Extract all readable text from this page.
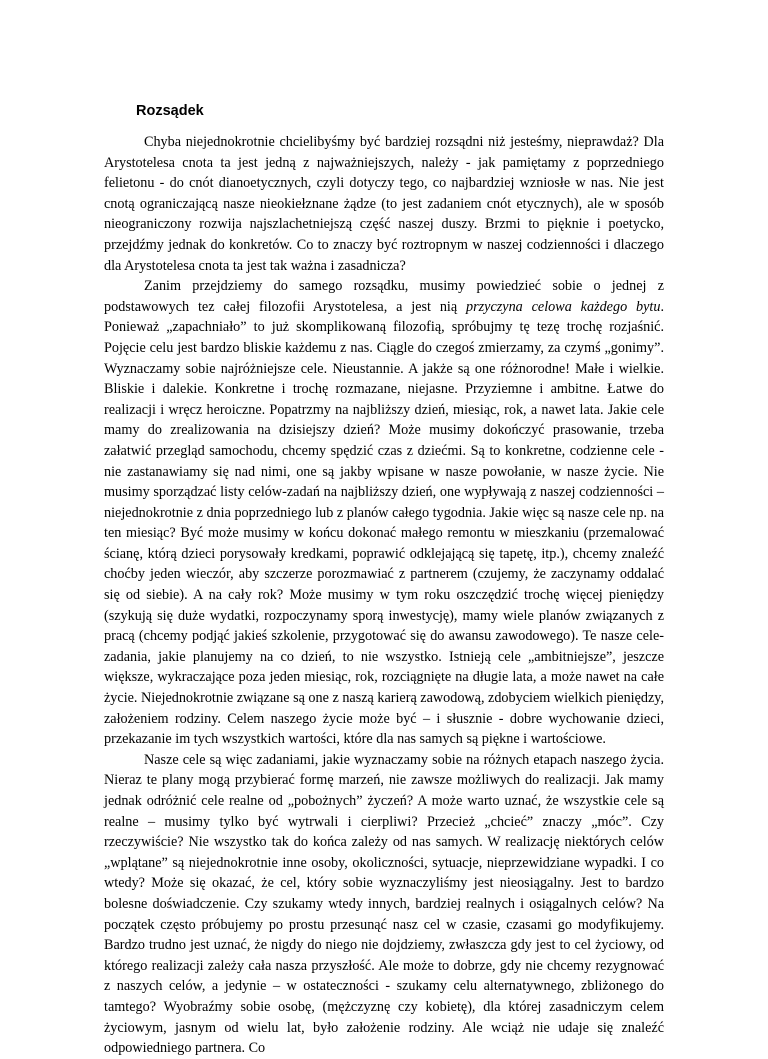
Rozsądek

Chyba niejednokrotnie chcielibyśmy być bardziej rozsądni niż jesteśmy, nieprawdaż? Dla Arystotelesa cnota ta jest jedną z najważniejszych, należy - jak pamiętamy z poprzedniego felietonu - do cnót dianoetycznych, czyli dotyczy tego, co najbardziej wzniosłe w nas. Nie jest cnotą ograniczającą nasze nieokiełznane żądze (to jest zadaniem cnót etycznych), ale w sposób nieograniczony rozwija najszlachetniejszą część naszej duszy. Brzmi to pięknie i poetycko, przejdźmy jednak do konkretów. Co to znaczy być roztropnym w naszej codzienności i dlaczego dla Arystotelesa cnota ta jest tak ważna i zasadnicza?

Zanim przejdziemy do samego rozsądku, musimy powiedzieć sobie o jednej z podstawowych tez całej filozofii Arystotelesa, a jest nią przyczyna celowa każdego bytu. Ponieważ „zapachniało” to już skomplikowaną filozofią, spróbujmy tę tezę trochę rozjaśnić. Pojęcie celu jest bardzo bliskie każdemu z nas. Ciągle do czegoś zmierzamy, za czymś „gonimy”. Wyznaczamy sobie najróżniejsze cele. Nieustannie. A jakże są one różnorodne! Małe i wielkie. Bliskie i dalekie. Konkretne i trochę rozmazane, niejasne. Przyziemne i ambitne. Łatwe do realizacji i wręcz heroiczne. Popatrzmy na najbliższy dzień, miesiąc, rok, a nawet lata. Jakie cele mamy do zrealizowania na dzisiejszy dzień? Może musimy dokończyć prasowanie, trzeba załatwić przegląd samochodu, chcemy spędzić czas z dziećmi. Są to konkretne, codzienne cele - nie zastanawiamy się nad nimi, one są jakby wpisane w nasze powołanie, w nasze życie. Nie musimy sporządzać listy celów-zadań na najbliższy dzień, one wypływają z naszej codzienności – niejednokrotnie z dnia poprzedniego lub z planów całego tygodnia. Jakie więc są nasze cele np. na ten miesiąc? Być może musimy w końcu dokonać małego remontu w mieszkaniu (przemalować ścianę, którą dzieci porysowały kredkami, poprawić odklejającą się tapetę, itp.), chcemy znaleźć choćby jeden wieczór, aby szczerze porozmawiać z partnerem (czujemy, że zaczynamy oddalać się od siebie). A na cały rok? Może musimy w tym roku oszczędzić trochę więcej pieniędzy (szykują się duże wydatki, rozpoczynamy sporą inwestycję), mamy wiele planów związanych z pracą (chcemy podjąć jakieś szkolenie, przygotować się do awansu zawodowego). Te nasze cele-zadania, jakie planujemy na co dzień, to nie wszystko. Istnieją cele „ambitniejsze”, jeszcze większe, wykraczające poza jeden miesiąc, rok, rozciągnięte na długie lata, a może nawet na całe życie. Niejednokrotnie związane są one z naszą karierą zawodową, zdobyciem wielkich pieniędzy, założeniem rodziny. Celem naszego życie może być – i słusznie - dobre wychowanie dzieci, przekazanie im tych wszystkich wartości, które dla nas samych są piękne i wartościowe.

Nasze cele są więc zadaniami, jakie wyznaczamy sobie na różnych etapach naszego życia. Nieraz te plany mogą przybierać formę marzeń, nie zawsze możliwych do realizacji. Jak mamy jednak odróżnić cele realne od „pobożnych” życzeń? A może warto uznać, że wszystkie cele są realne – musimy tylko być wytrwali i cierpliwi? Przecież „chcieć” znaczy „móc”. Czy rzeczywiście? Nie wszystko tak do końca zależy od nas samych. W realizację niektórych celów „wplątane” są niejednokrotnie inne osoby, okoliczności, sytuacje, nieprzewidziane wypadki. I co wtedy? Może się okazać, że cel, który sobie wyznaczyliśmy jest nieosiągalny. Jest to bardzo bolesne doświadczenie. Czy szukamy wtedy innych, bardziej realnych i osiągalnych celów? Na początek często próbujemy po prostu przesunąć nasz cel w czasie, czasami go modyfikujemy. Bardzo trudno jest uznać, że nigdy do niego nie dojdziemy, zwłaszcza gdy jest to cel życiowy, od którego realizacji zależy cała nasza przyszłość. Ale może to dobrze, gdy nie chcemy rezygnować z naszych celów, a jedynie – w ostateczności - szukamy celu alternatywnego, zbliżonego do tamtego? Wyobraźmy sobie osobę, (mężczyznę czy kobietę), dla której zasadniczym celem życiowym, jasnym od wielu lat, było założenie rodziny. Ale wciąż nie udaje się znaleźć odpowiedniego partnera. Co
